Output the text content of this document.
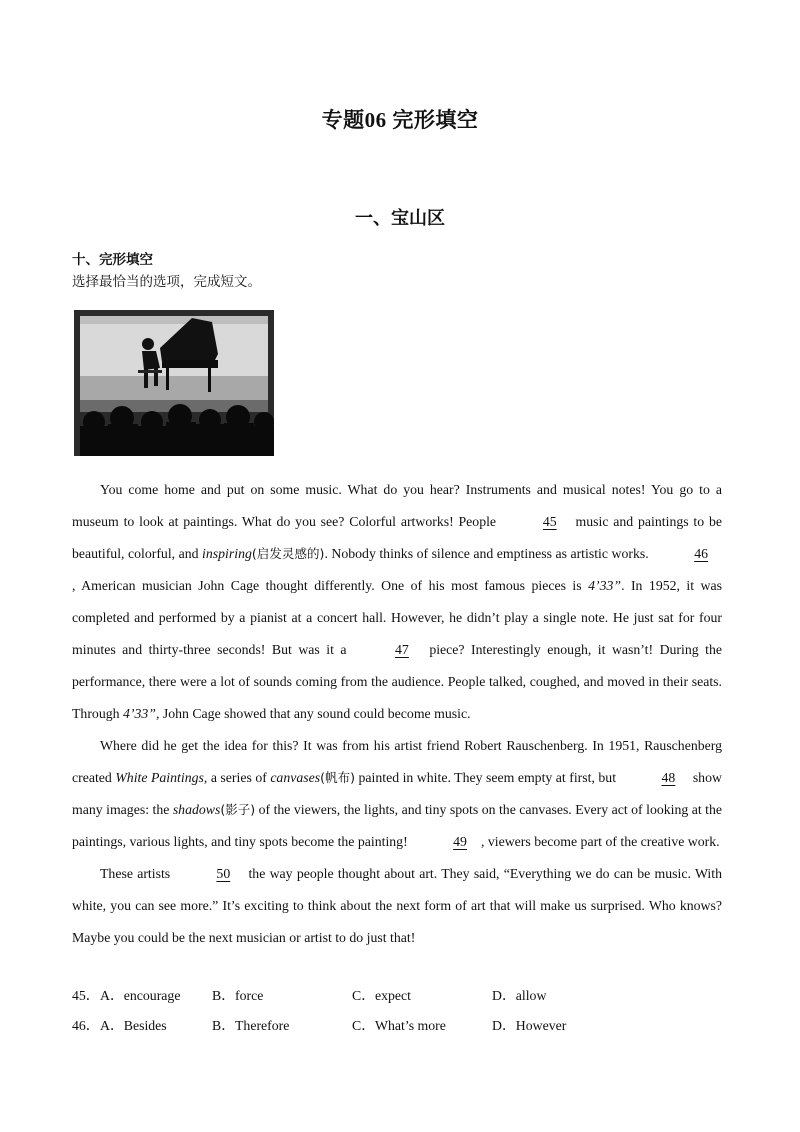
专题06 完形填空
一、宝山区
十、完形填空
选择最恰当的选项，完成短文。

You come home and put on some music. What do you hear? Instruments and musical notes! You go to a museum to look at paintings. What do you see? Colorful artworks! People	45 music and paintings to be beautiful, colorful, and inspiring(启发灵感的). Nobody thinks of silence and emptiness as artistic works.	46, American musician John Cage thought differently. One of his most famous pieces is 4’33”. In 1952, it was completed and performed by a pianist at a concert hall. However, he didn’t play a single note. He just sat for four minutes and thirty-three seconds! But was it a	47 piece? Interestingly enough, it wasn’t! During the performance, there were a lot of sounds coming from the audience. People talked, coughed, and moved in their seats. Through 4’33”, John Cage showed that any sound could become music.

Where did he get the idea for this? It was from his artist friend Robert Rauschenberg. In 1951, Rauschenberg created White Paintings, a series of canvases(帆布) painted in white. They seem empty at first, but	48 show many images: the shadows(影子) of the viewers, the lights, and tiny spots on the canvases. Every act of looking at the paintings, various lights, and tiny spots become the painting!	49 , viewers become part of the creative work.

These artists	50 the way people thought about art. They said, “Everything we do can be music. With white, you can see more.” It’s exciting to think about the next form of art that will make us surprised. Who knows? Maybe you could be the next musician or artist to do just that!

45． A．encourage B．force	C．expect	D．allow
46． A．Besides	B．Therefore	C．What’s more	D．However
